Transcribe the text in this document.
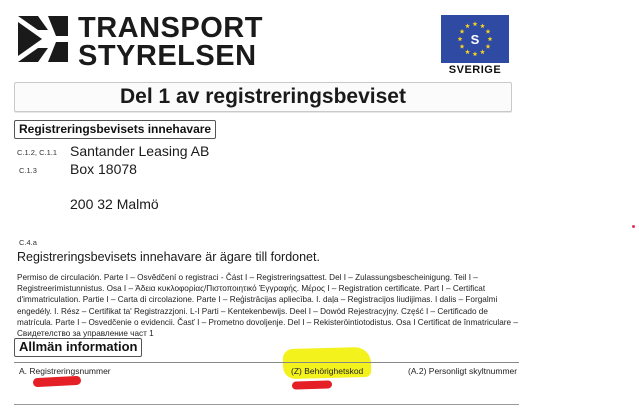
TRANSPORT
STYRELSEN
S
SVERIGE
Del 1 av registreringsbeviset
Registreringsbevisets innehavare
C.1.2, C.1.1 Santander Leasing AB
C.1.3 Box 18078
200 32 Malmö
C.4.a
Registreringsbevisets innehavare är ägare till fordonet.
Permiso de circulación. Parte I – Osvědčení o registraci - Část I – Registreringsattest. Del I – Zulassungsbescheinigung. Teil I – Registreerimistunnistus. Osa I – Άδεια κυκλοφορίας/Πιστοποιητικό Έγγραφής. Μέρος I – Registration certificate. Part I – Certificat d'immatriculation. Partie I – Carta di circolazione. Parte I – Reģistrācijas apliecība. I. daļa – Registracijos liudijimas. I dalis – Forgalmi engedély. I. Rész – Certifikat ta' Registrazzjoni. L-I Parti – Kentekenbewijs. Deel I – Dowód Rejestracyjny. Część I – Certificado de matrícula. Parte I – Osvedčenie o evidencii. Časť I – Prometno dovoljenje. Del I – Rekisteröintiotodistus. Osa I Certificat de înmatriculare – Свидетелство за управление част 1
Allmän information
A. Registreringsnummer	(Z) Behörighetskod	(A.2) Personligt skyltnummer
